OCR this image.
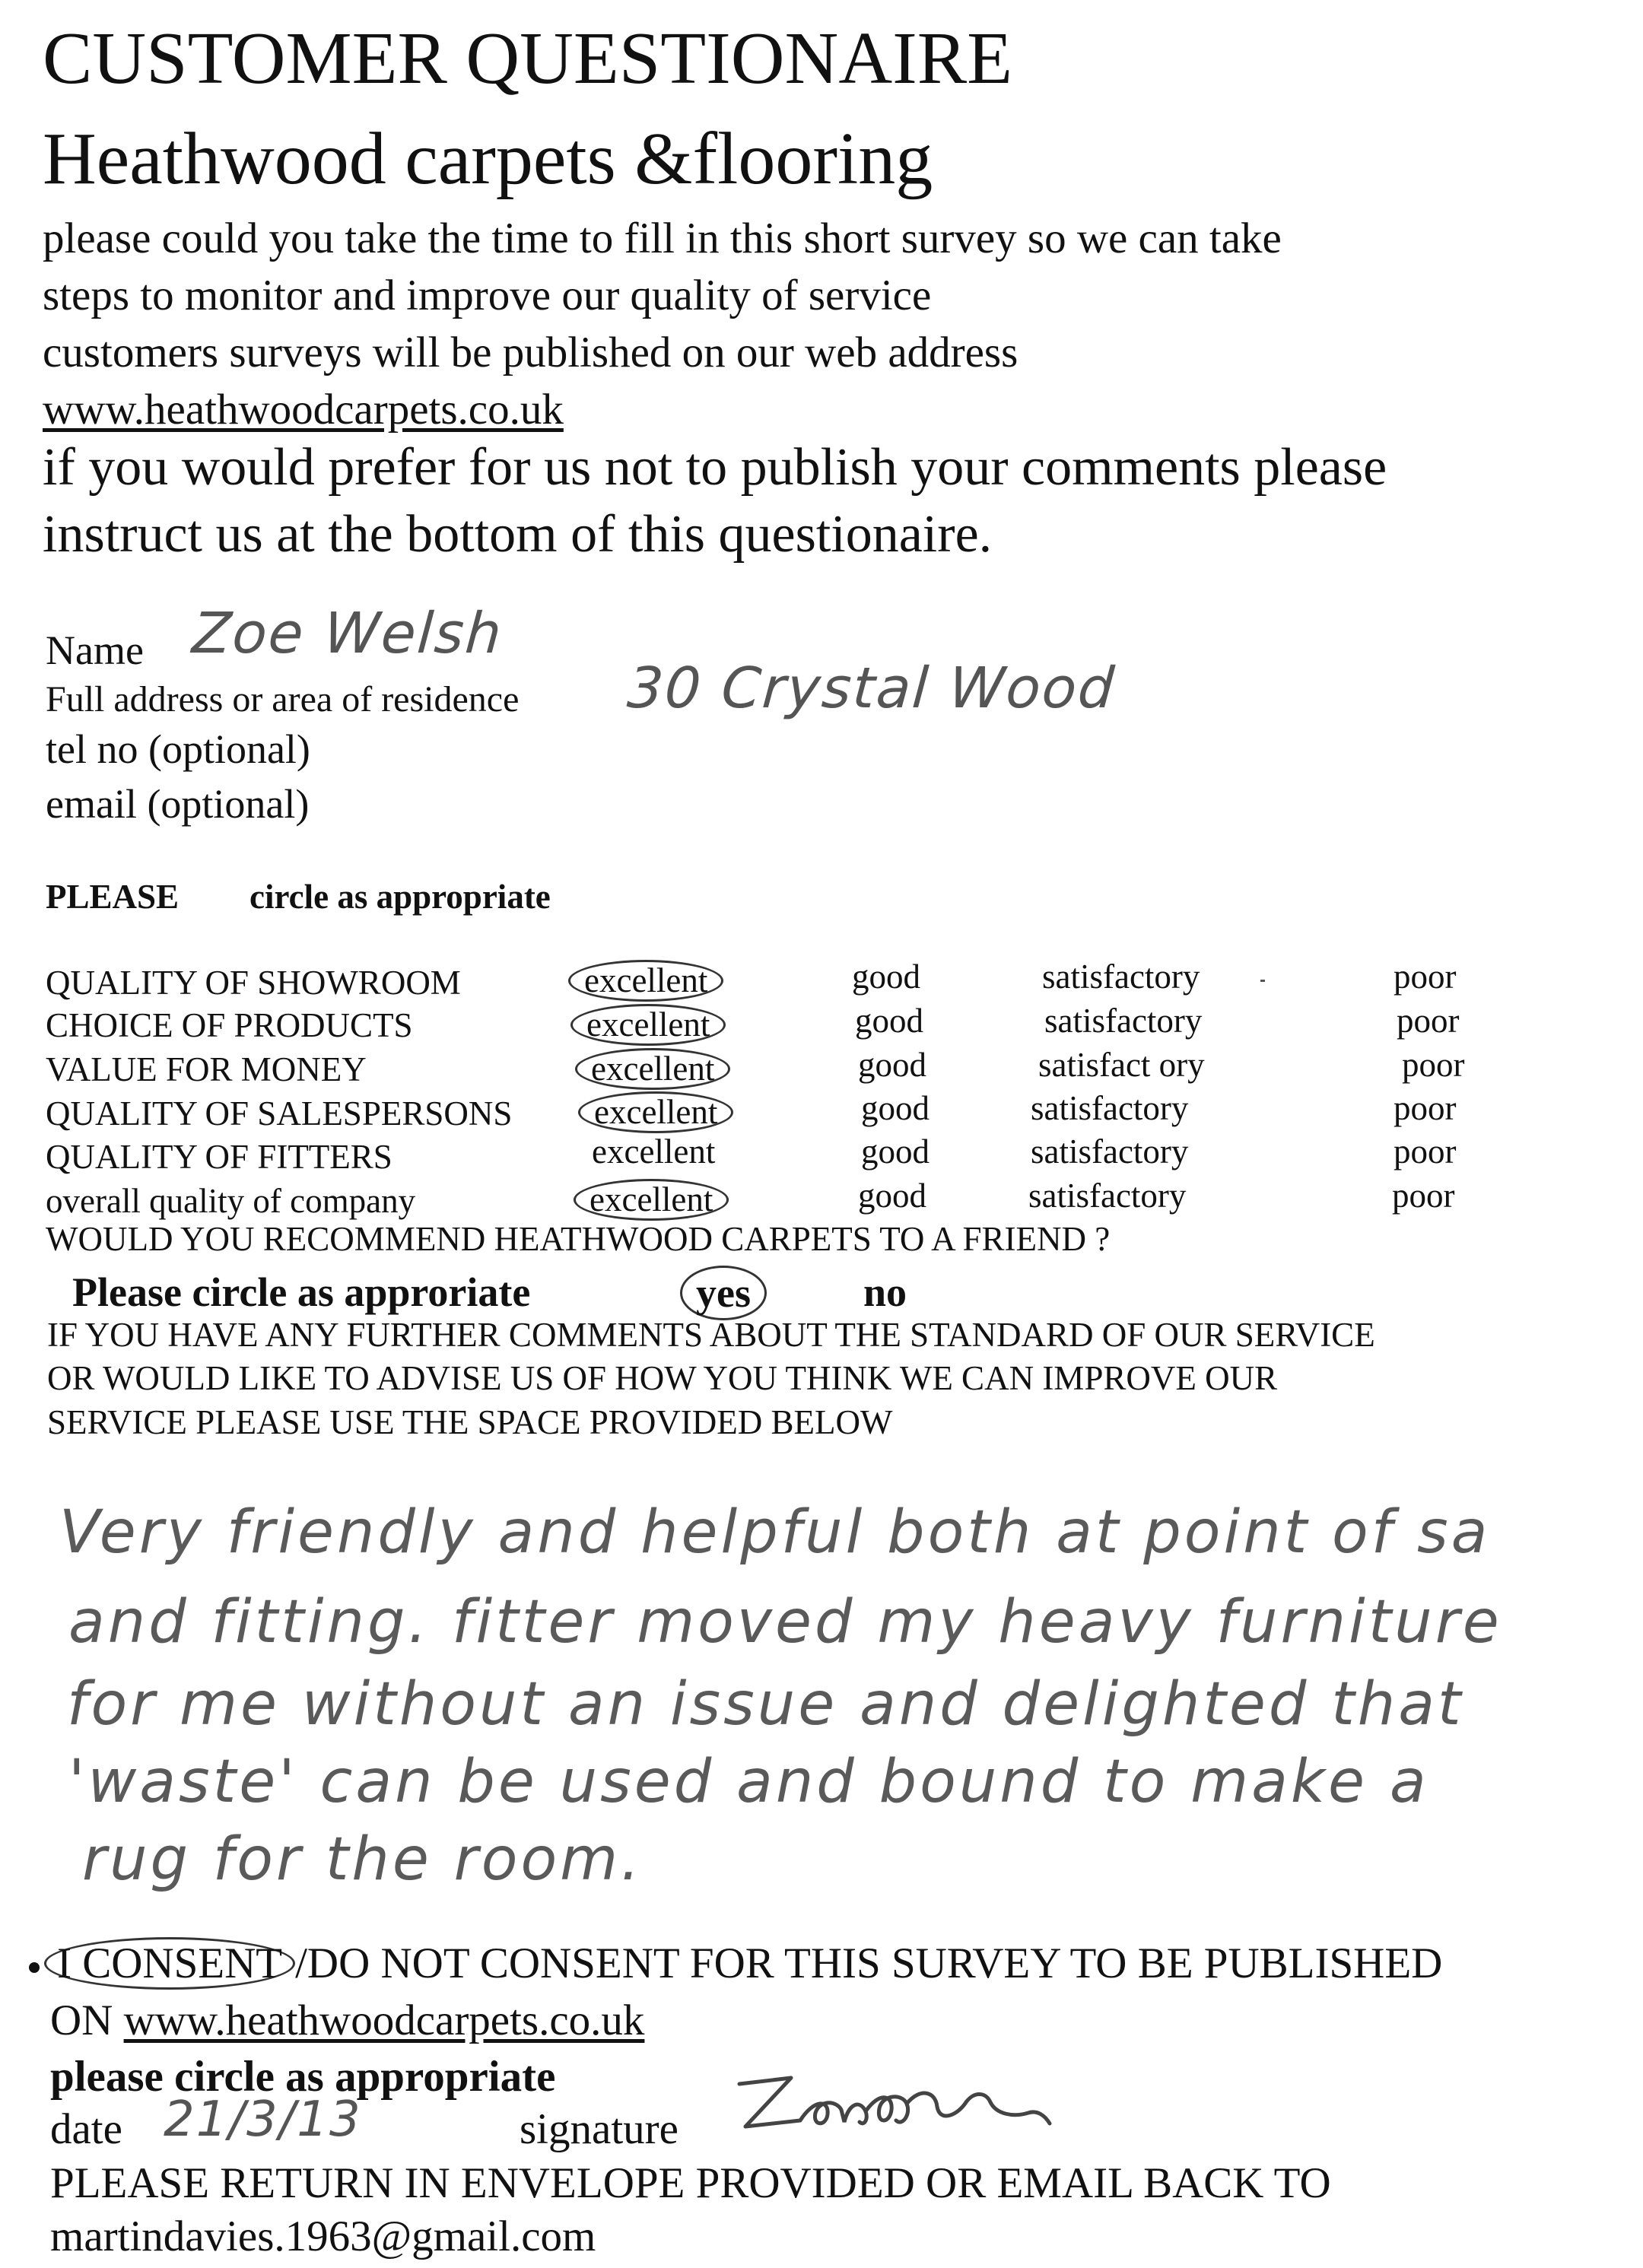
CUSTOMER QUESTIONAIRE
Heathwood carpets &flooring
please could you take the time to fill in this short survey so we can take
steps to monitor and improve our quality of service
customers surveys will be published on our web address
www.heathwoodcarpets.co.uk
if you would prefer for us not to publish your comments please
instruct us at the bottom of this questionaire.
Name Zoe Welsh
Full address or area of residence 30 Crystal Wood
tel no (optional)
email (optional)
PLEASE circle as appropriate
QUALITY OF SHOWROOM	excellent	good	satisfactory	poor
CHOICE OF PRODUCTS	excellent	good	satisfactory	poor
VALUE FOR MONEY	excellent	good	satisfact ory	poor
QUALITY OF SALESPERSONS	excellent	good	satisfactory	poor
QUALITY OF FITTERS	excellent	good	satisfactory	poor
overall quality of company	excellent	good	satisfactory	poor
WOULD YOU RECOMMEND HEATHWOOD CARPETS TO A FRIEND ?
Please circle as approriate	yes	no
IF YOU HAVE ANY FURTHER COMMENTS ABOUT THE STANDARD OF OUR SERVICE
OR WOULD LIKE TO ADVISE US OF HOW YOU THINK WE CAN IMPROVE OUR
SERVICE PLEASE USE THE SPACE PROVIDED BELOW
Very friendly and helpful both at point of sa
and fitting. fitter moved my heavy furniture
for me without an issue and delighted that
'waste' can be used and bound to make a
rug for the room.
I CONSENT /DO NOT CONSENT FOR THIS SURVEY TO BE PUBLISHED
ON www.heathwoodcarpets.co.uk
please circle as appropriate
date 21/3/13	signature
PLEASE RETURN IN ENVELOPE PROVIDED OR EMAIL BACK TO
martindavies.1963@gmail.com
